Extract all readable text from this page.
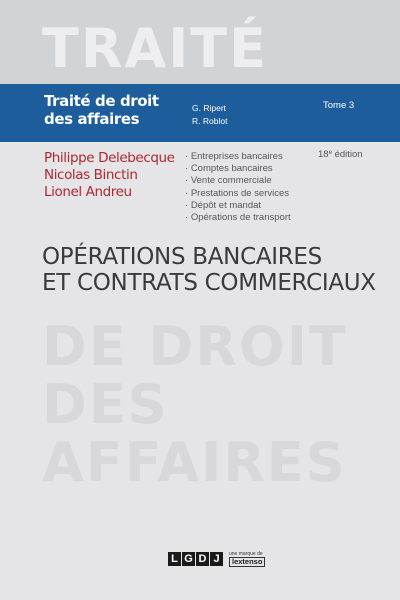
TRAITÉ
Traité de droit des affaires
G. Ripert
R. Roblot
Tome 3
Philippe Delebecque
Nicolas Binctin
Lionel Andreu
· Entreprises bancaires
· Comptes bancaires
· Vente commerciale
· Prestations de services
· Dépôt et mandat
· Opérations de transport
18e édition
OPÉRATIONS BANCAIRES
ET CONTRATS COMMERCIAUX
DE DROIT
DES
AFFAIRES
L G D J	une marque de
lextenso
